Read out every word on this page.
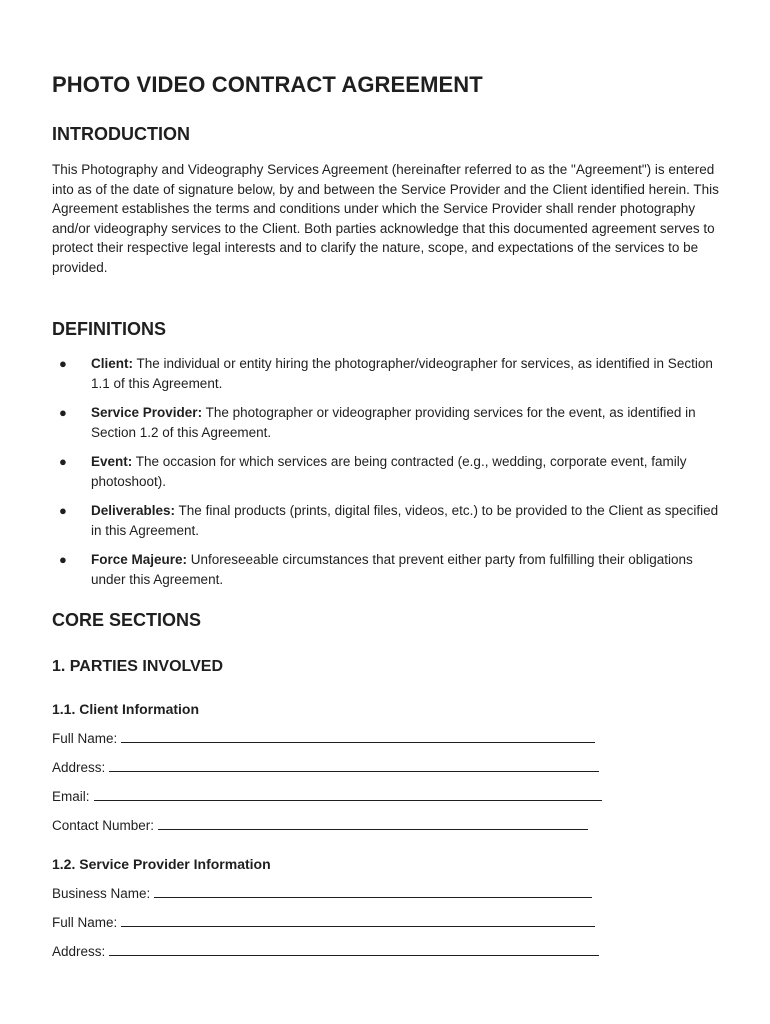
PHOTO VIDEO CONTRACT AGREEMENT
INTRODUCTION

This Photography and Videography Services Agreement (hereinafter referred to as the "Agreement") is entered into as of the date of signature below, by and between the Service Provider and the Client identified herein. This Agreement establishes the terms and conditions under which the Service Provider shall render photography and/or videography services to the Client. Both parties acknowledge that this documented agreement serves to protect their respective legal interests and to clarify the nature, scope, and expectations of the services to be provided.

DEFINITIONS
● Client: The individual or entity hiring the photographer/videographer for services, as identified in Section 1.1 of this Agreement.
● Service Provider: The photographer or videographer providing services for the event, as identified in Section 1.2 of this Agreement.
● Event: The occasion for which services are being contracted (e.g., wedding, corporate event, family photoshoot).
● Deliverables: The final products (prints, digital files, videos, etc.) to be provided to the Client as specified in this Agreement.
● Force Majeure: Unforeseeable circumstances that prevent either party from fulfilling their obligations under this Agreement.
CORE SECTIONS
1. PARTIES INVOLVED
1.1. Client Information
Full Name:
Address:
Email:
Contact Number:
1.2. Service Provider Information
Business Name:
Full Name:
Address:
